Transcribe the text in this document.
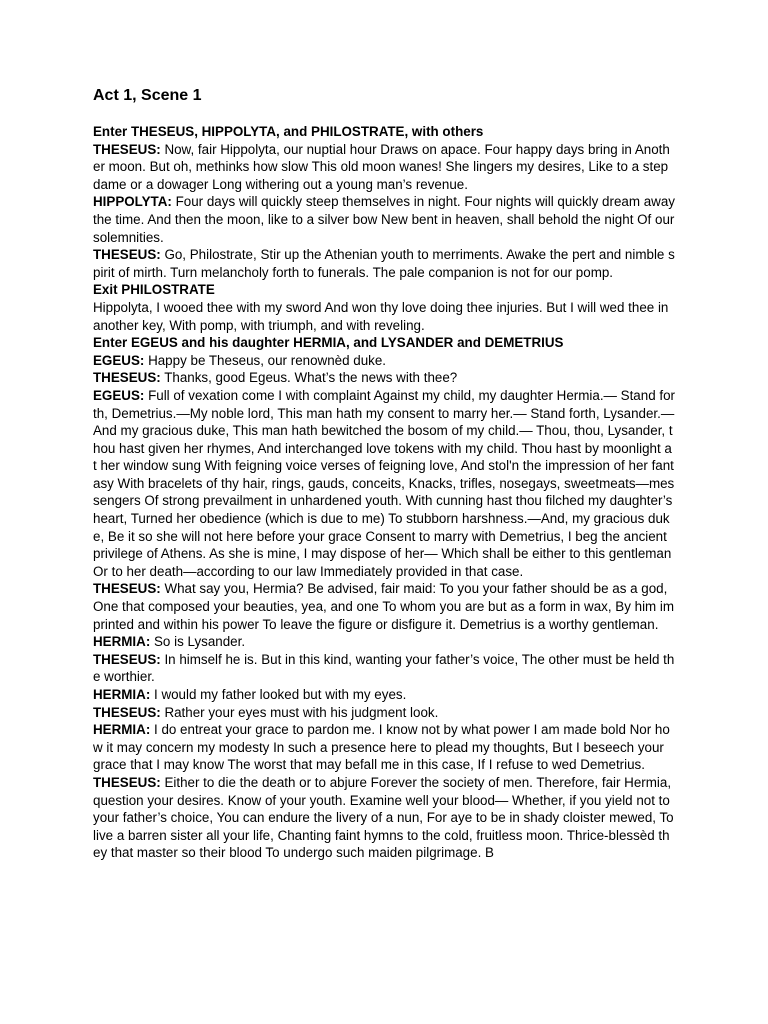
Act 1, Scene 1

Enter THESEUS, HIPPOLYTA, and PHILOSTRATE, with others

THESEUS: Now, fair Hippolyta, our nuptial hour Draws on apace. Four happy days bring in Another moon. But oh, methinks how slow This old moon wanes! She lingers my desires, Like to a stepdame or a dowager Long withering out a young man’s revenue.

HIPPOLYTA: Four days will quickly steep themselves in night. Four nights will quickly dream away the time. And then the moon, like to a silver bow New bent in heaven, shall behold the night Of our solemnities.

THESEUS: Go, Philostrate, Stir up the Athenian youth to merriments. Awake the pert and nimble spirit of mirth. Turn melancholy forth to funerals. The pale companion is not for our pomp.

Exit PHILOSTRATE

Hippolyta, I wooed thee with my sword And won thy love doing thee injuries. But I will wed thee in another key, With pomp, with triumph, and with reveling.

Enter EGEUS and his daughter HERMIA, and LYSANDER and DEMETRIUS

EGEUS: Happy be Theseus, our renownèd duke.

THESEUS: Thanks, good Egeus. What’s the news with thee?

EGEUS: Full of vexation come I with complaint Against my child, my daughter Hermia.— Stand forth, Demetrius.—My noble lord, This man hath my consent to marry her.— Stand forth, Lysander.—And my gracious duke, This man hath bewitched the bosom of my child.— Thou, thou, Lysander, thou hast given her rhymes, And interchanged love tokens with my child. Thou hast by moonlight at her window sung With feigning voice verses of feigning love, And stol'n the impression of her fantasy With bracelets of thy hair, rings, gauds, conceits, Knacks, trifles, nosegays, sweetmeats—messengers Of strong prevailment in unhardened youth. With cunning hast thou filched my daughter’s heart, Turned her obedience (which is due to me) To stubborn harshness.—And, my gracious duke, Be it so she will not here before your grace Consent to marry with Demetrius, I beg the ancient privilege of Athens. As she is mine, I may dispose of her— Which shall be either to this gentleman Or to her death—according to our law Immediately provided in that case.

THESEUS: What say you, Hermia? Be advised, fair maid: To you your father should be as a god, One that composed your beauties, yea, and one To whom you are but as a form in wax, By him imprinted and within his power To leave the figure or disfigure it. Demetrius is a worthy gentleman.

HERMIA: So is Lysander.

THESEUS: In himself he is. But in this kind, wanting your father’s voice, The other must be held the worthier.

HERMIA: I would my father looked but with my eyes.

THESEUS: Rather your eyes must with his judgment look.

HERMIA: I do entreat your grace to pardon me. I know not by what power I am made bold Nor how it may concern my modesty In such a presence here to plead my thoughts, But I beseech your grace that I may know The worst that may befall me in this case, If I refuse to wed Demetrius.

THESEUS: Either to die the death or to abjure Forever the society of men. Therefore, fair Hermia, question your desires. Know of your youth. Examine well your blood— Whether, if you yield not to your father’s choice, You can endure the livery of a nun, For aye to be in shady cloister mewed, To live a barren sister all your life, Chanting faint hymns to the cold, fruitless moon. Thrice-blessèd they that master so their blood To undergo such maiden pilgrimage. B
